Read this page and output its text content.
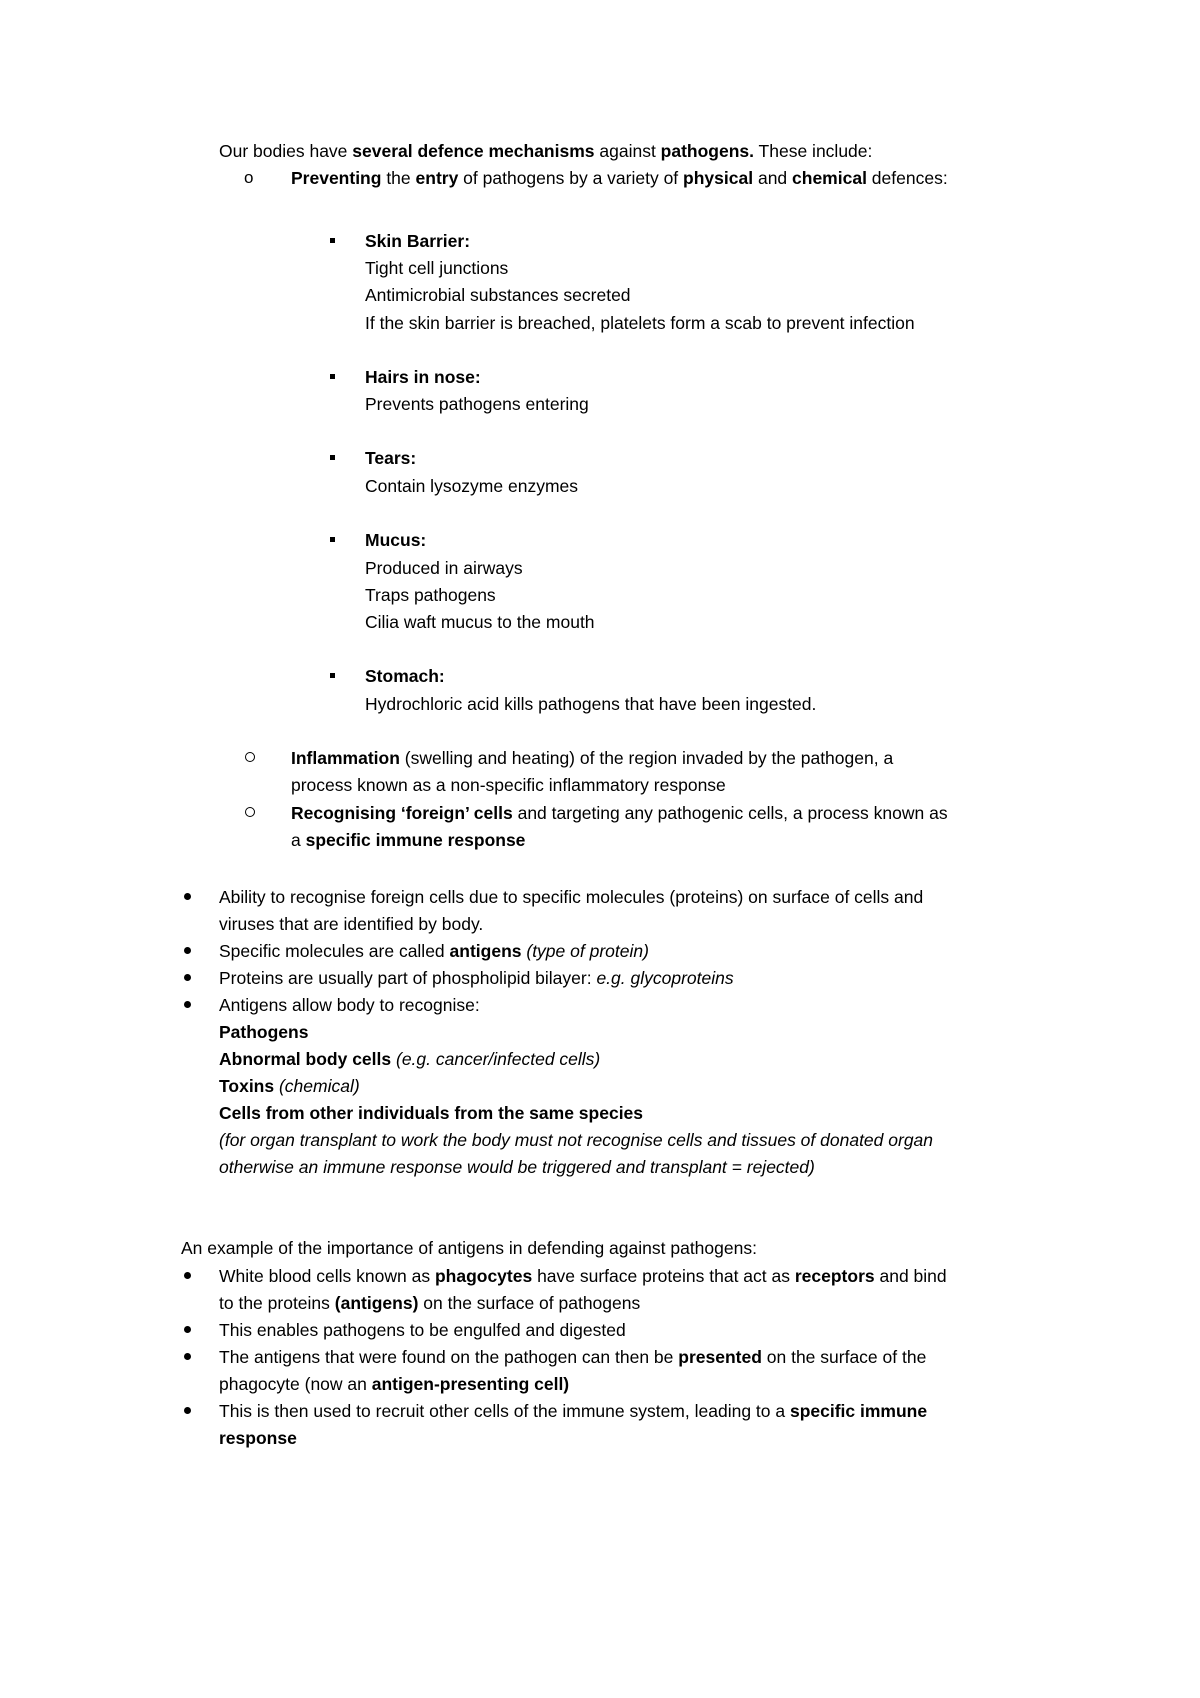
Our bodies have several defence mechanisms against pathogens. These include:
o Preventing the entry of pathogens by a variety of physical and chemical defences:
Skin Barrier:
Tight cell junctions
Antimicrobial substances secreted
If the skin barrier is breached, platelets form a scab to prevent infection
Hairs in nose:
Prevents pathogens entering
Tears:
Contain lysozyme enzymes
Mucus:
Produced in airways
Traps pathogens
Cilia waft mucus to the mouth
Stomach:
Hydrochloric acid kills pathogens that have been ingested.
Inflammation (swelling and heating) of the region invaded by the pathogen, a
process known as a non-specific inflammatory response
Recognising ‘foreign’ cells and targeting any pathogenic cells, a process known as
a specific immune response
Ability to recognise foreign cells due to specific molecules (proteins) on surface of cells and
viruses that are identified by body.
Specific molecules are called antigens (type of protein)
Proteins are usually part of phospholipid bilayer: e.g. glycoproteins
Antigens allow body to recognise:
Pathogens
Abnormal body cells (e.g. cancer/infected cells)
Toxins (chemical)
Cells from other individuals from the same species
(for organ transplant to work the body must not recognise cells and tissues of donated organ
otherwise an immune response would be triggered and transplant = rejected)
An example of the importance of antigens in defending against pathogens:
White blood cells known as phagocytes have surface proteins that act as receptors and bind
to the proteins (antigens) on the surface of pathogens
This enables pathogens to be engulfed and digested
The antigens that were found on the pathogen can then be presented on the surface of the
phagocyte (now an antigen-presenting cell)
This is then used to recruit other cells of the immune system, leading to a specific immune
response
